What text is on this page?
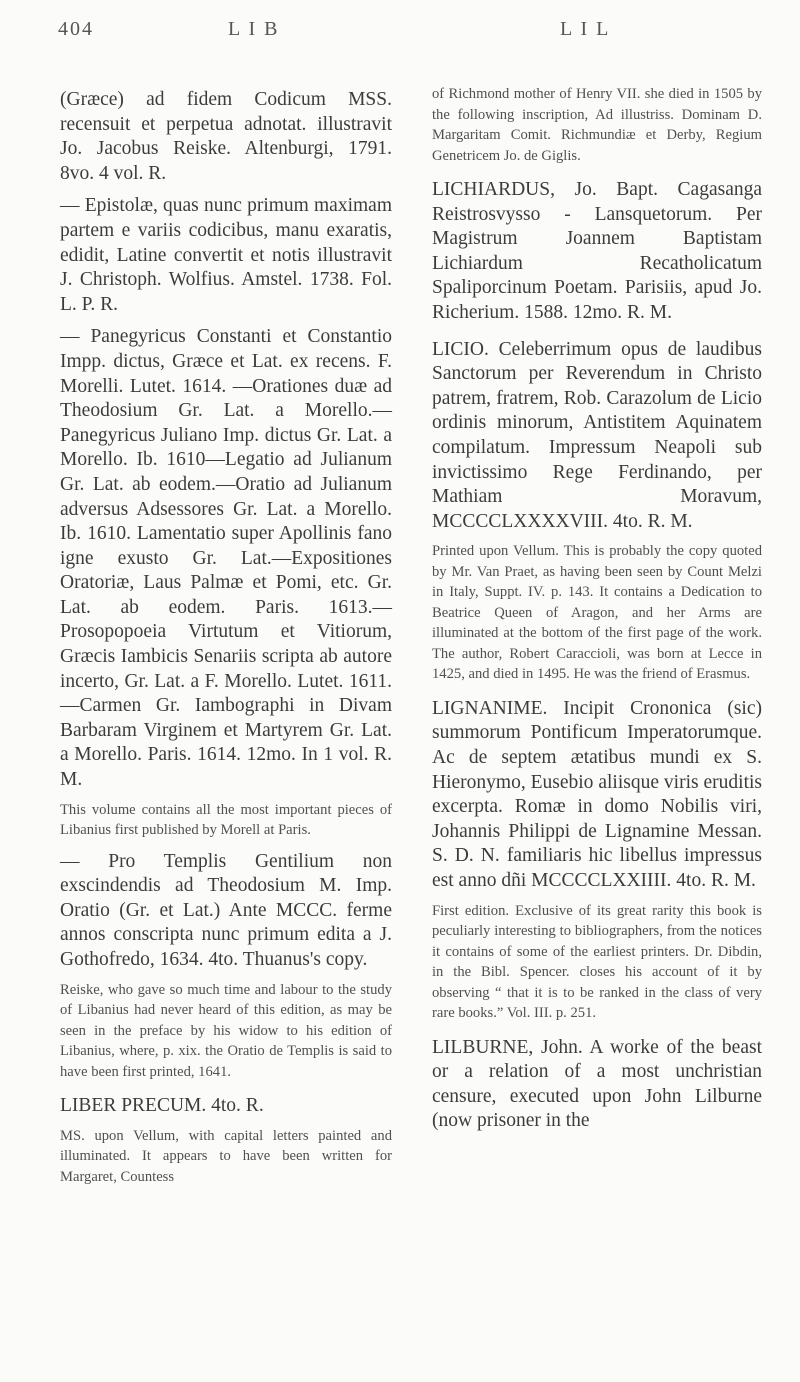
404	L I B	L I L

(Græce) ad fidem Codicum MSS. recensuit et perpetua adnotat. illustravit Jo. Jacobus Reiske. Altenburgi, 1791. 8vo. 4 vol. R.

— Epistolæ, quas nunc primum maximam partem e variis codicibus, manu exaratis, edidit, Latine convertit et notis illustravit J. Christoph. Wolfius. Amstel. 1738. Fol. L. P. R.

— Panegyricus Constanti et Constantio Impp. dictus, Græce et Lat. ex recens. F. Morelli. Lutet. 1614. —Orationes duæ ad Theodosium Gr. Lat. a Morello.—Panegyricus Juliano Imp. dictus Gr. Lat. a Morello. Ib. 1610—Legatio ad Julianum Gr. Lat. ab eodem.—Oratio ad Julianum adversus Adsessores Gr. Lat. a Morello. Ib. 1610. Lamentatio super Apollinis fano igne exusto Gr. Lat.—Expositiones Oratoriæ, Laus Palmæ et Pomi, etc. Gr. Lat. ab eodem. Paris. 1613.— Prosopopoeia Virtutum et Vitiorum, Græcis Iambicis Senariis scripta ab autore incerto, Gr. Lat. a F. Morello. Lutet. 1611.—Carmen Gr. Iambographi in Divam Barbaram Virginem et Martyrem Gr. Lat. a Morello. Paris. 1614. 12mo. In 1 vol. R. M.

This volume contains all the most important pieces of Libanius first published by Morell at Paris.

— Pro Templis Gentilium non exscindendis ad Theodosium M. Imp. Oratio (Gr. et Lat.) Ante MCCC. ferme annos conscripta nunc primum edita a J. Gothofredo, 1634. 4to. Thuanus's copy.

Reiske, who gave so much time and labour to the study of Libanius had never heard of this edition, as may be seen in the preface by his widow to his edition of Libanius, where, p. xix. the Oratio de Templis is said to have been first printed, 1641.

LIBER PRECUM. 4to. R.

MS. upon Vellum, with capital letters painted and illuminated. It appears to have been written for Margaret, Countess

of Richmond mother of Henry VII. she died in 1505 by the following inscription, Ad illustriss. Dominam D. Margaritam Comit. Richmundiæ et Derby, Regium Genetricem Jo. de Giglis.

LICHIARDUS, Jo. Bapt. Cagasanga Reistrosvysso - Lansquetorum. Per Magistrum Joannem Baptistam Lichiardum Recatholicatum Spaliporcinum Poetam. Parisiis, apud Jo. Richerium. 1588. 12mo. R. M.

LICIO. Celeberrimum opus de laudibus Sanctorum per Reverendum in Christo patrem, fratrem, Rob. Carazolum de Licio ordinis minorum, Antistitem Aquinatem compilatum. Impressum Neapoli sub invictissimo Rege Ferdinando, per Mathiam Moravum, MCCCCLXXXXVIII. 4to. R. M.

Printed upon Vellum. This is probably the copy quoted by Mr. Van Praet, as having been seen by Count Melzi in Italy, Suppt. IV. p. 143. It contains a Dedication to Beatrice Queen of Aragon, and her Arms are illuminated at the bottom of the first page of the work. The author, Robert Caraccioli, was born at Lecce in 1425, and died in 1495. He was the friend of Erasmus.

LIGNANIME. Incipit Crononica (sic) summorum Pontificum Imperatorumque. Ac de septem ætatibus mundi ex S. Hieronymo, Eusebio aliisque viris eruditis excerpta. Romæ in domo Nobilis viri, Johannis Philippi de Lignamine Messan. S. D. N. familiaris hic libellus impressus est anno dñi MCCCCLXXIIII. 4to. R. M.

First edition. Exclusive of its great rarity this book is peculiarly interesting to bibliographers, from the notices it contains of some of the earliest printers. Dr. Dibdin, in the Bibl. Spencer. closes his account of it by observing “ that it is to be ranked in the class of very rare books.” Vol. III. p. 251.

LILBURNE, John. A worke of the beast or a relation of a most unchristian censure, executed upon John Lilburne (now prisoner in the
